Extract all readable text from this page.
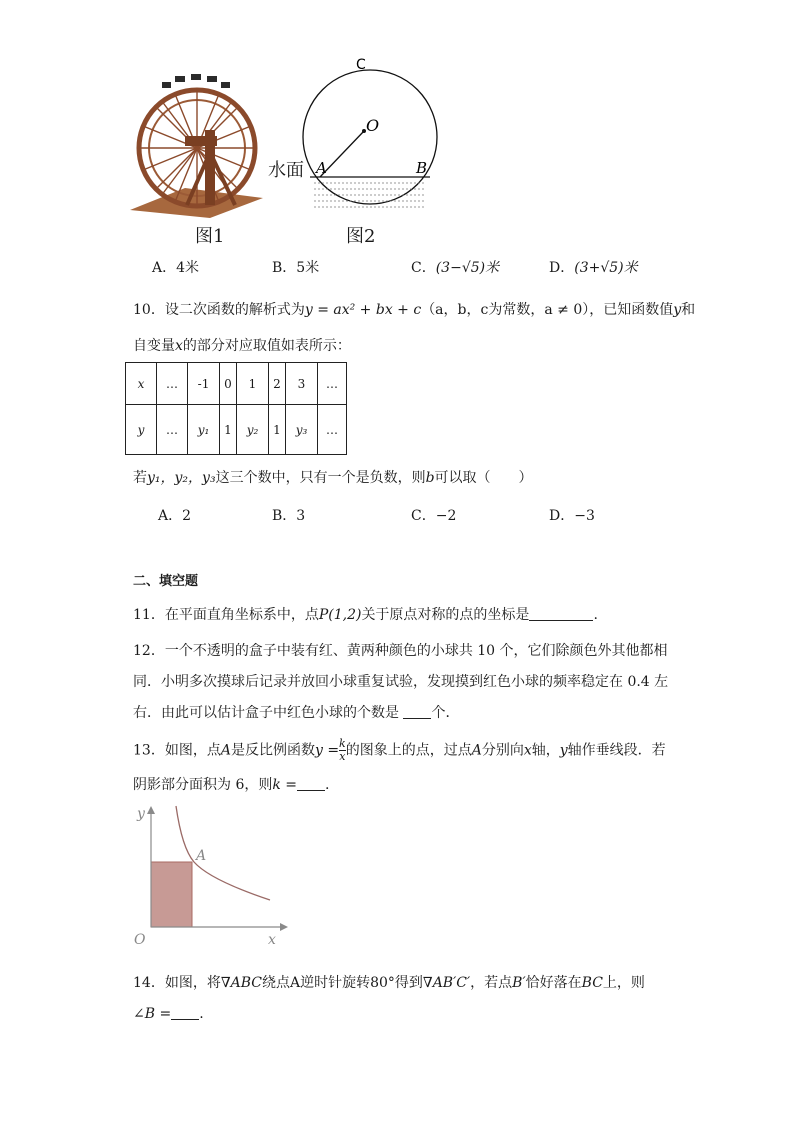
图1
水面
C
O
A	B
图2
A．4米	B．5米	C．(3−√5)米	D．(3+√5)米
10．设二次函数的解析式为y = ax² + bx + c（a，b，c为常数，a ≠ 0），已知函数值y和
自变量x的部分对应取值如表所示：
x	…	-1	0	1	2	3	…
y	…	y₁	1	y₂	1	y₃	…
若y₁，y₂，y₃这三个数中，只有一个是负数，则b可以取（　　）
A．2	B．3	C．−2	D．−3
二、填空题
11．在平面直角坐标系中，点P(1,2)关于原点对称的点的坐标是	.
12．一个不透明的盒子中装有红、黄两种颜色的小球共 10 个，它们除颜色外其他都相
同．小明多次摸球后记录并放回小球重复试验，发现摸到红色小球的频率稳定在 0.4 左
右．由此可以估计盒子中红色小球的个数是 个．
13．如图，点A是反比例函数$y = \frac{k}{x}$ 的图象上的点，过点A分别向x轴，y轴作垂线段．若
阴影部分面积为 6，则k = .
y
x
O
A
14．如图，将∇ABC绕点A逆时针旋转80°得到∇AB′C′，若点B′恰好落在BC上，则
∠B = .
